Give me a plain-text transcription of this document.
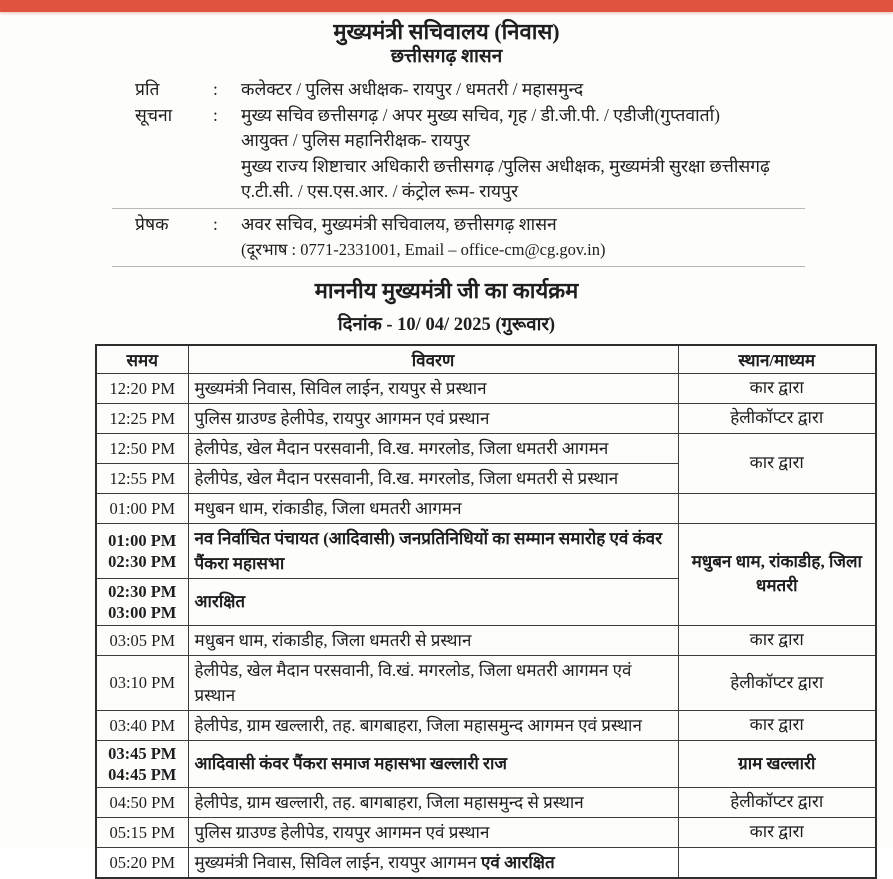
मुख्यमंत्री सचिवालय (निवास)
छत्तीसगढ़ शासन
प्रति	:	कलेक्टर / पुलिस अधीक्षक- रायपुर / धमतरी / महासमुन्द
सूचना	:	मुख्य सचिव छत्तीसगढ़ / अपर मुख्य सचिव, गृह / डी.जी.पी. / एडीजी(गुप्तवार्ता)
आयुक्त / पुलिस महानिरीक्षक- रायपुर
मुख्य राज्य शिष्टाचार अधिकारी छत्तीसगढ़ /पुलिस अधीक्षक, मुख्यमंत्री सुरक्षा छत्तीसगढ़
ए.टी.सी. / एस.एस.आर. / कंट्रोल रूम- रायपुर
प्रेषक	:	अवर सचिव, मुख्यमंत्री सचिवालय, छत्तीसगढ़ शासन
(दूरभाष : 0771-2331001, Email – office-cm@cg.gov.in)
माननीय मुख्यमंत्री जी का कार्यक्रम
दिनांक - 10/ 04/ 2025 (गुरूवार)
समय	विवरण	स्थान/माध्यम

12:20 PM	मुख्यमंत्री निवास, सिविल लाईन, रायपुर से प्रस्थान	कार द्वारा

12:25 PM	पुलिस ग्राउण्ड हेलीपेड, रायपुर आगमन एवं प्रस्थान	हेलीकॉप्टर द्वारा

12:50 PM	हेलीपेड, खेल मैदान परसवानी, वि.ख. मगरलोड, जिला धमतरी आगमन	कार द्वारा

12:55 PM	हेलीपेड, खेल मैदान परसवानी, वि.ख. मगरलोड, जिला धमतरी से प्रस्थान	

01:00 PM	मधुबन धाम, रांकाडीह, जिला धमतरी आगमन	

01:00 PM
02:30 PM	नव निर्वाचित पंचायत (आदिवासी) जनप्रतिनिधियों का सम्मान समारोह एवं कंवर पैंकरा महासभा	मधुबन धाम, रांकाडीह, जिला धमतरी

02:30 PM
03:00 PM	आरक्षित	

03:05 PM	मधुबन धाम, रांकाडीह, जिला धमतरी से प्रस्थान	कार द्वारा

03:10 PM	हेलीपेड, खेल मैदान परसवानी, वि.खं. मगरलोड, जिला धमतरी आगमन एवं प्रस्थान	हेलीकॉप्टर द्वारा

03:40 PM	हेलीपेड, ग्राम खल्लारी, तह. बागबाहरा, जिला महासमुन्द आगमन एवं प्रस्थान	कार द्वारा

03:45 PM
04:45 PM	आदिवासी कंवर पैंकरा समाज महासभा खल्लारी राज	ग्राम खल्लारी

04:50 PM	हेलीपेड, ग्राम खल्लारी, तह. बागबाहरा, जिला महासमुन्द से प्रस्थान	हेलीकॉप्टर द्वारा

05:15 PM	पुलिस ग्राउण्ड हेलीपेड, रायपुर आगमन एवं प्रस्थान	कार द्वारा

05:20 PM	मुख्यमंत्री निवास, सिविल लाईन, रायपुर आगमन एवं आरक्षित	
